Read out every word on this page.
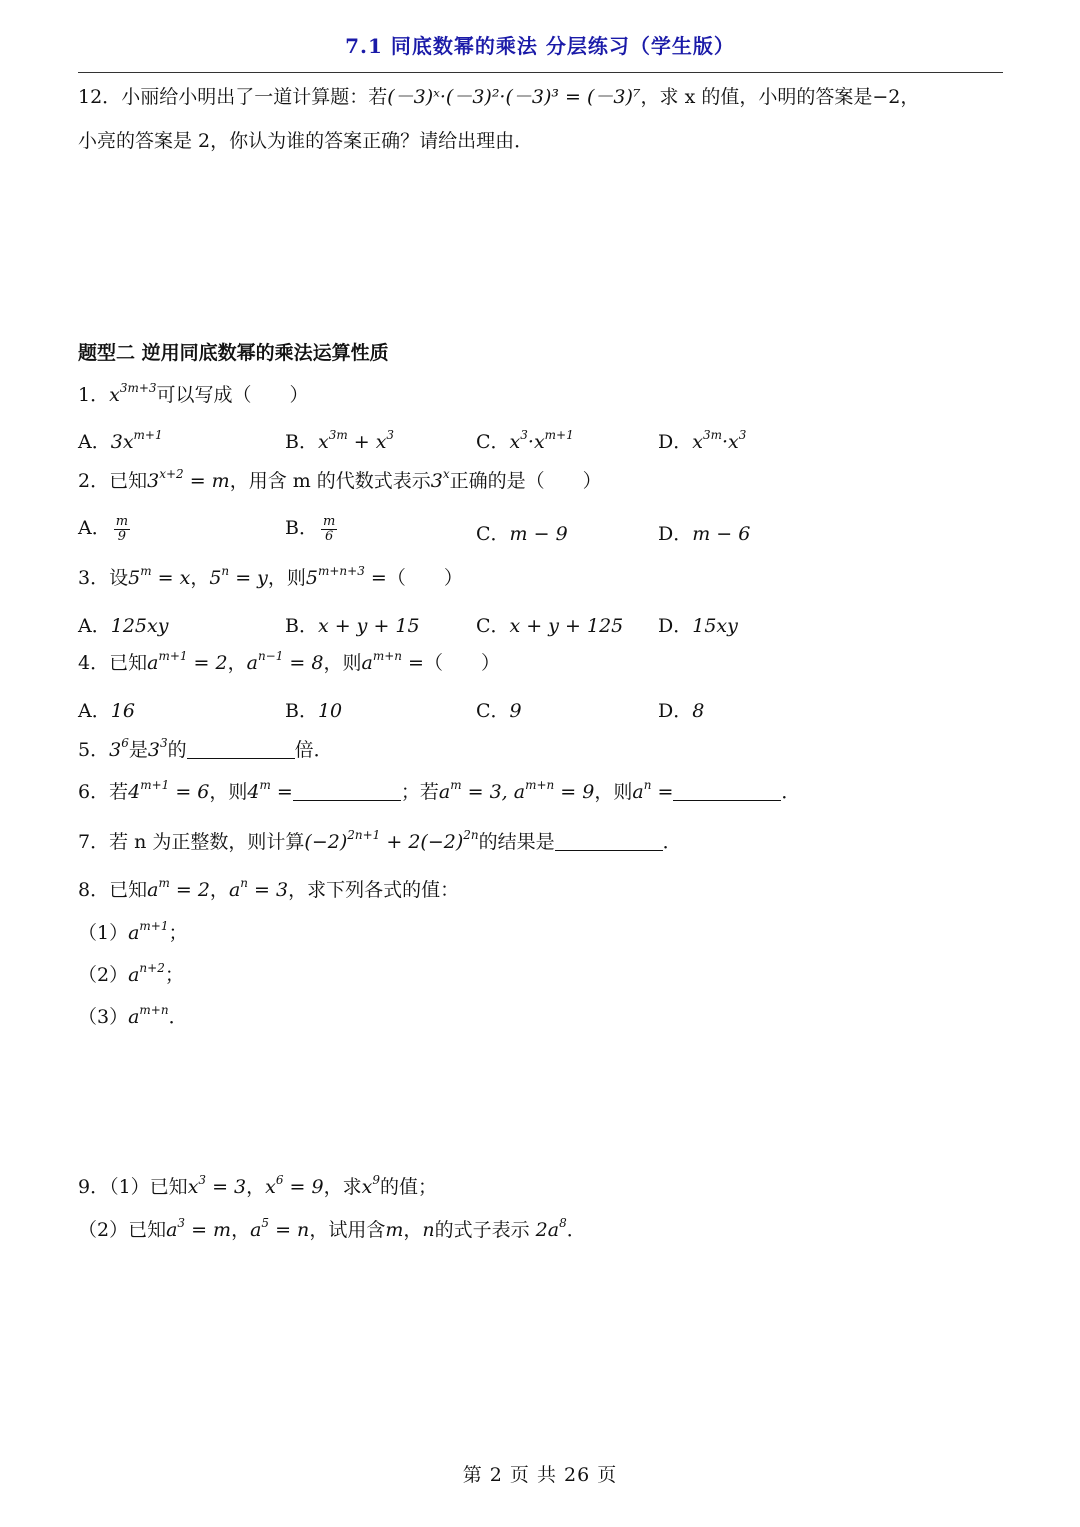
7.1 同底数幂的乘法 分层练习（学生版）
12．小丽给小明出了一道计算题：若(－3)ˣ·(－3)²·(－3)³ = (－3)⁷，求 x 的值，小明的答案是−2，
小亮的答案是 2，你认为谁的答案正确？请给出理由．
题型二 逆用同底数幂的乘法运算性质
1．$x^{3m+3}$可以写成（　　）
A．$3x^{m+1}$	B．$x^{3m} + x^3$	C．$x^3\cdot x^{m+1}$	D．$x^{3m}\cdot x^3$
2．已知$3^{x+2} = m$，用含 m 的代数式表示3$^x$正确的是（　　）
A． $\frac{m}{9}$	B． $\frac{m}{6}$	C．m − 9	D．m − 6
3．设$5^m = x$，$5^n = y$，则$5^{m+n+3}$ =（　　）
A．125xy	B．x + y + 15	C．x + y + 125 D．15xy
4．已知$a^{m+1} = 2$，$a^{n-1} = 8$，则$a^{m+n}$ =（　　）
A．16	B．10	C．9	D．8
5．$3^6$是$3^3$的	倍．
6．若$4^{m+1} = 6$，则$4^m$ =	；若$a^m = 3$, $a^{m+n} = 9$，则$a^n$ =	．
7．若 n 为正整数，则计算$(-2)^{2n+1} + 2(-2)^{2n}$的结果是	．
8．已知$a^m = 2$，$a^n = 3$，求下列各式的值：
$(1)a^{m+1}$；
$(2)a^{n+2}$；
$(3)a^{m+n}$．
9．（1）已知$x^3 = 3$，$x^6 = 9$，求$x^9$的值；
（2）已知$a^3 = m$，$a^5 = n$，试用含m，n的式子表示 $2a^8$．
第 2 页 共 26 页
